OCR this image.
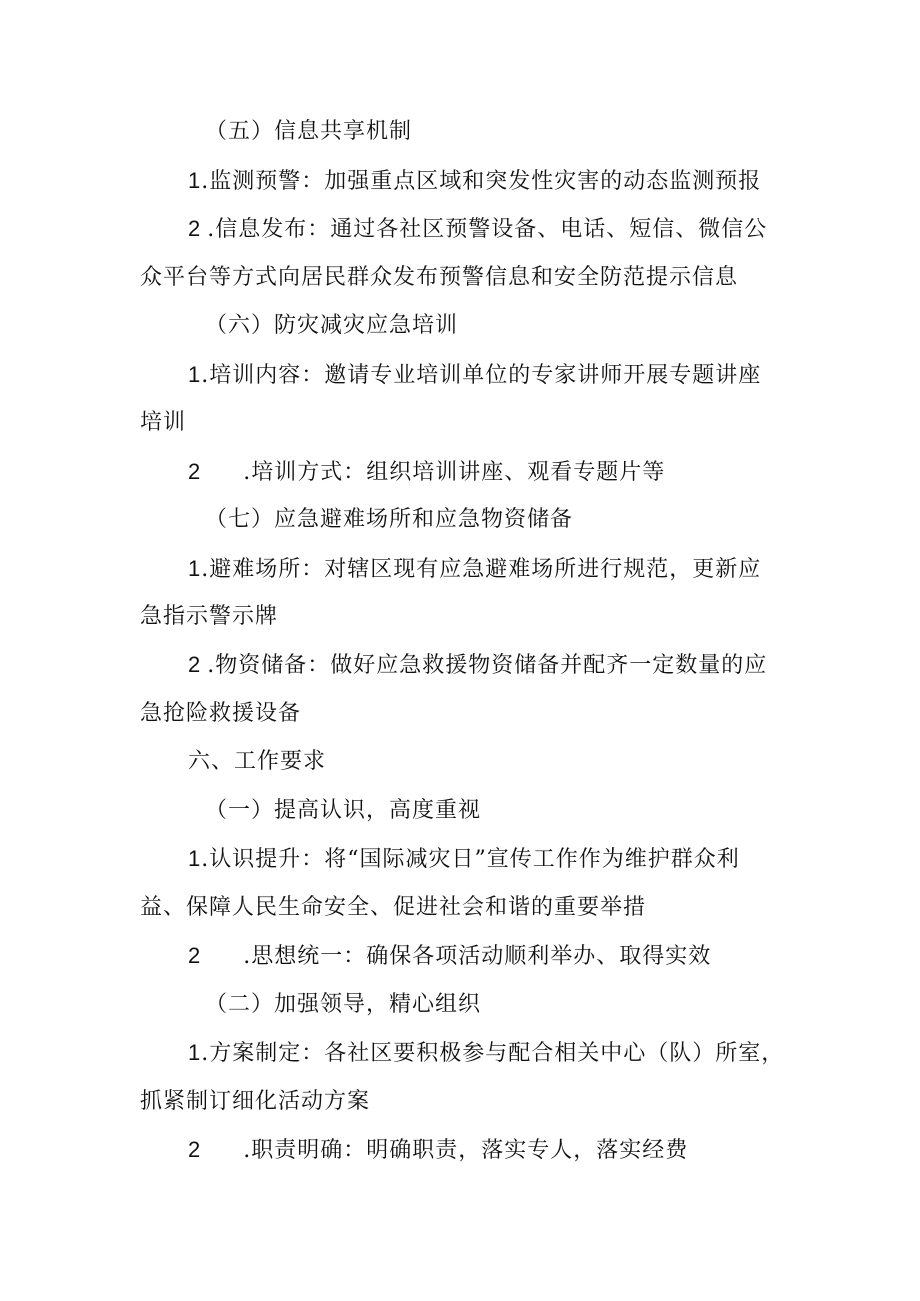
（五）信息共享机制
1.监测预警：加强重点区域和突发性灾害的动态监测预报
2 .信息发布：通过各社区预警设备、电话、短信、微信公
众平台等方式向居民群众发布预警信息和安全防范提示信息
（六）防灾减灾应急培训
1.培训内容：邀请专业培训单位的专家讲师开展专题讲座
培训
2 .培训方式：组织培训讲座、观看专题片等
（七）应急避难场所和应急物资储备
1.避难场所：对辖区现有应急避难场所进行规范，更新应
急指示警示牌
2 .物资储备：做好应急救援物资储备并配齐一定数量的应
急抢险救援设备
六、工作要求
（一）提高认识，高度重视
1.认识提升：将“国际减灾日”宣传工作作为维护群众利
益、保障人民生命安全、促进社会和谐的重要举措
2 .思想统一：确保各项活动顺利举办、取得实效
（二）加强领导，精心组织
1.方案制定：各社区要积极参与配合相关中心（队）所室，
抓紧制订细化活动方案
2 .职责明确：明确职责，落实专人，落实经费
